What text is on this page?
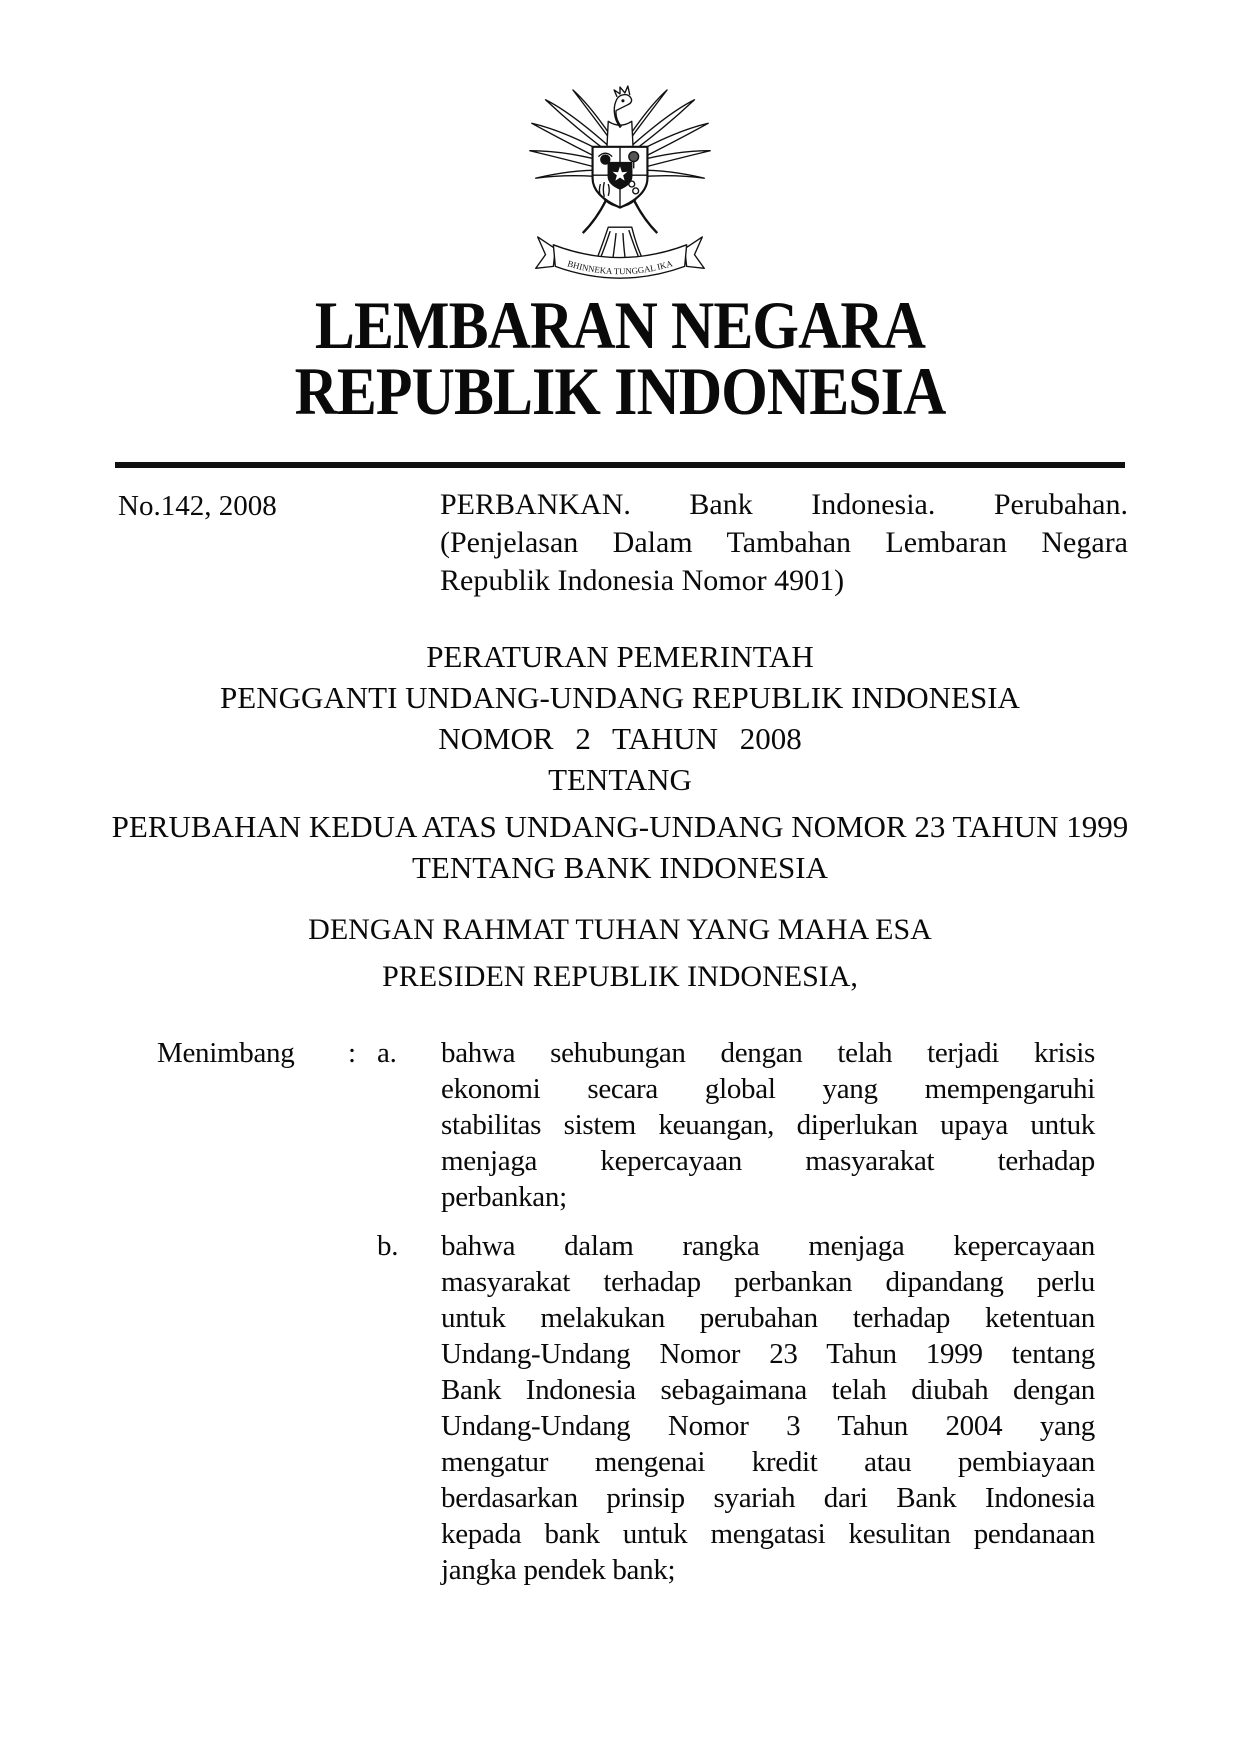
BHINNEKA TUNGGAL IKA
LEMBARAN NEGARA
REPUBLIK INDONESIA
No.142, 2008	PERBANKAN. Bank Indonesia. Perubahan.
(Penjelasan Dalam Tambahan Lembaran Negara
Republik Indonesia Nomor 4901)
PERATURAN PEMERINTAH
PENGGANTI UNDANG-UNDANG REPUBLIK INDONESIA
NOMOR 2 TAHUN 2008
TENTANG
PERUBAHAN KEDUA ATAS UNDANG-UNDANG NOMOR 23 TAHUN 1999
TENTANG BANK INDONESIA
DENGAN RAHMAT TUHAN YANG MAHA ESA
PRESIDEN REPUBLIK INDONESIA,
Menimbang : a. bahwa sehubungan dengan telah terjadi krisis
ekonomi secara global yang mempengaruhi
stabilitas sistem keuangan, diperlukan upaya untuk
menjaga kepercayaan masyarakat terhadap
perbankan;
b. bahwa dalam rangka menjaga kepercayaan
masyarakat terhadap perbankan dipandang perlu
untuk melakukan perubahan terhadap ketentuan
Undang-Undang Nomor 23 Tahun 1999 tentang
Bank Indonesia sebagaimana telah diubah dengan
Undang-Undang Nomor 3 Tahun 2004 yang
mengatur mengenai kredit atau pembiayaan
berdasarkan prinsip syariah dari Bank Indonesia
kepada bank untuk mengatasi kesulitan pendanaan
jangka pendek bank;
